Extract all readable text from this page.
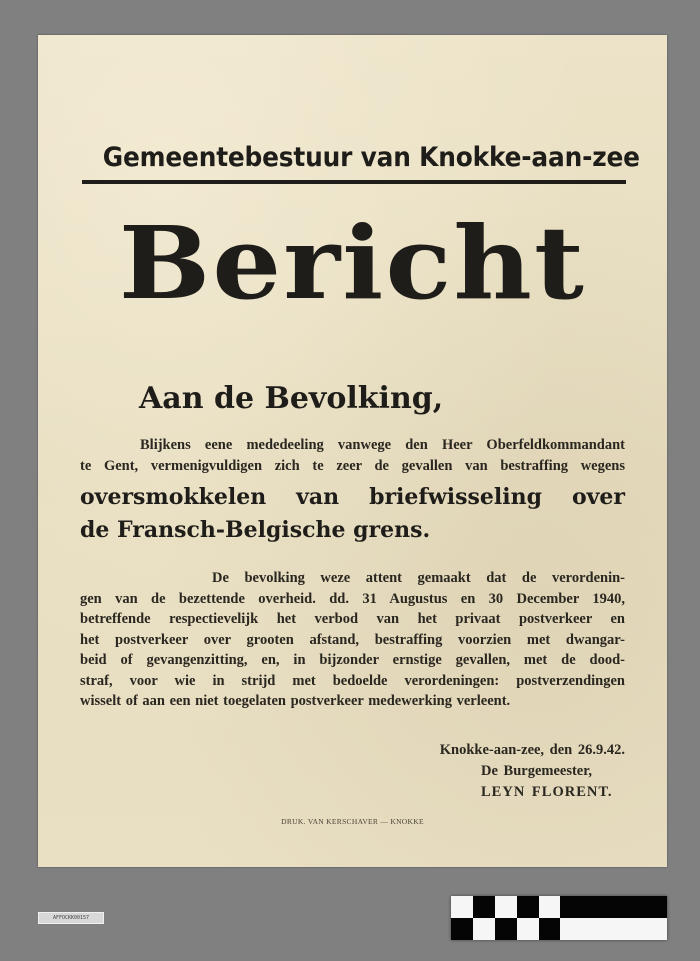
Gemeentebestuur van Knokke-aan-zee
Bericht
Aan de Bevolking,
Blijkens eene mededeeling vanwege den Heer Oberfeldkommandant
te Gent, vermenigvuldigen zich te zeer de gevallen van bestraffing wegens
oversmokkelen van briefwisseling over
de Fransch-Belgische grens.
De bevolking weze attent gemaakt dat de verordenin-
gen van de bezettende overheid. dd. 31 Augustus en 30 December 1940,
betreffende respectievelijk het verbod van het privaat postverkeer en
het postverkeer over grooten afstand, bestraffing voorzien met dwangar-
beid of gevangenzitting, en, in bijzonder ernstige gevallen, met de dood-
straf, voor wie in strijd met bedoelde verordeningen: postverzendingen
wisselt of aan een niet toegelaten postverkeer medewerking verleent.
Knokke-aan-zee, den 26.9.42.
De Burgemeester,
LEYN FLORENT.
DRUK. VAN KERSCHAVER — KNOKKE
AFFOCKK00157
